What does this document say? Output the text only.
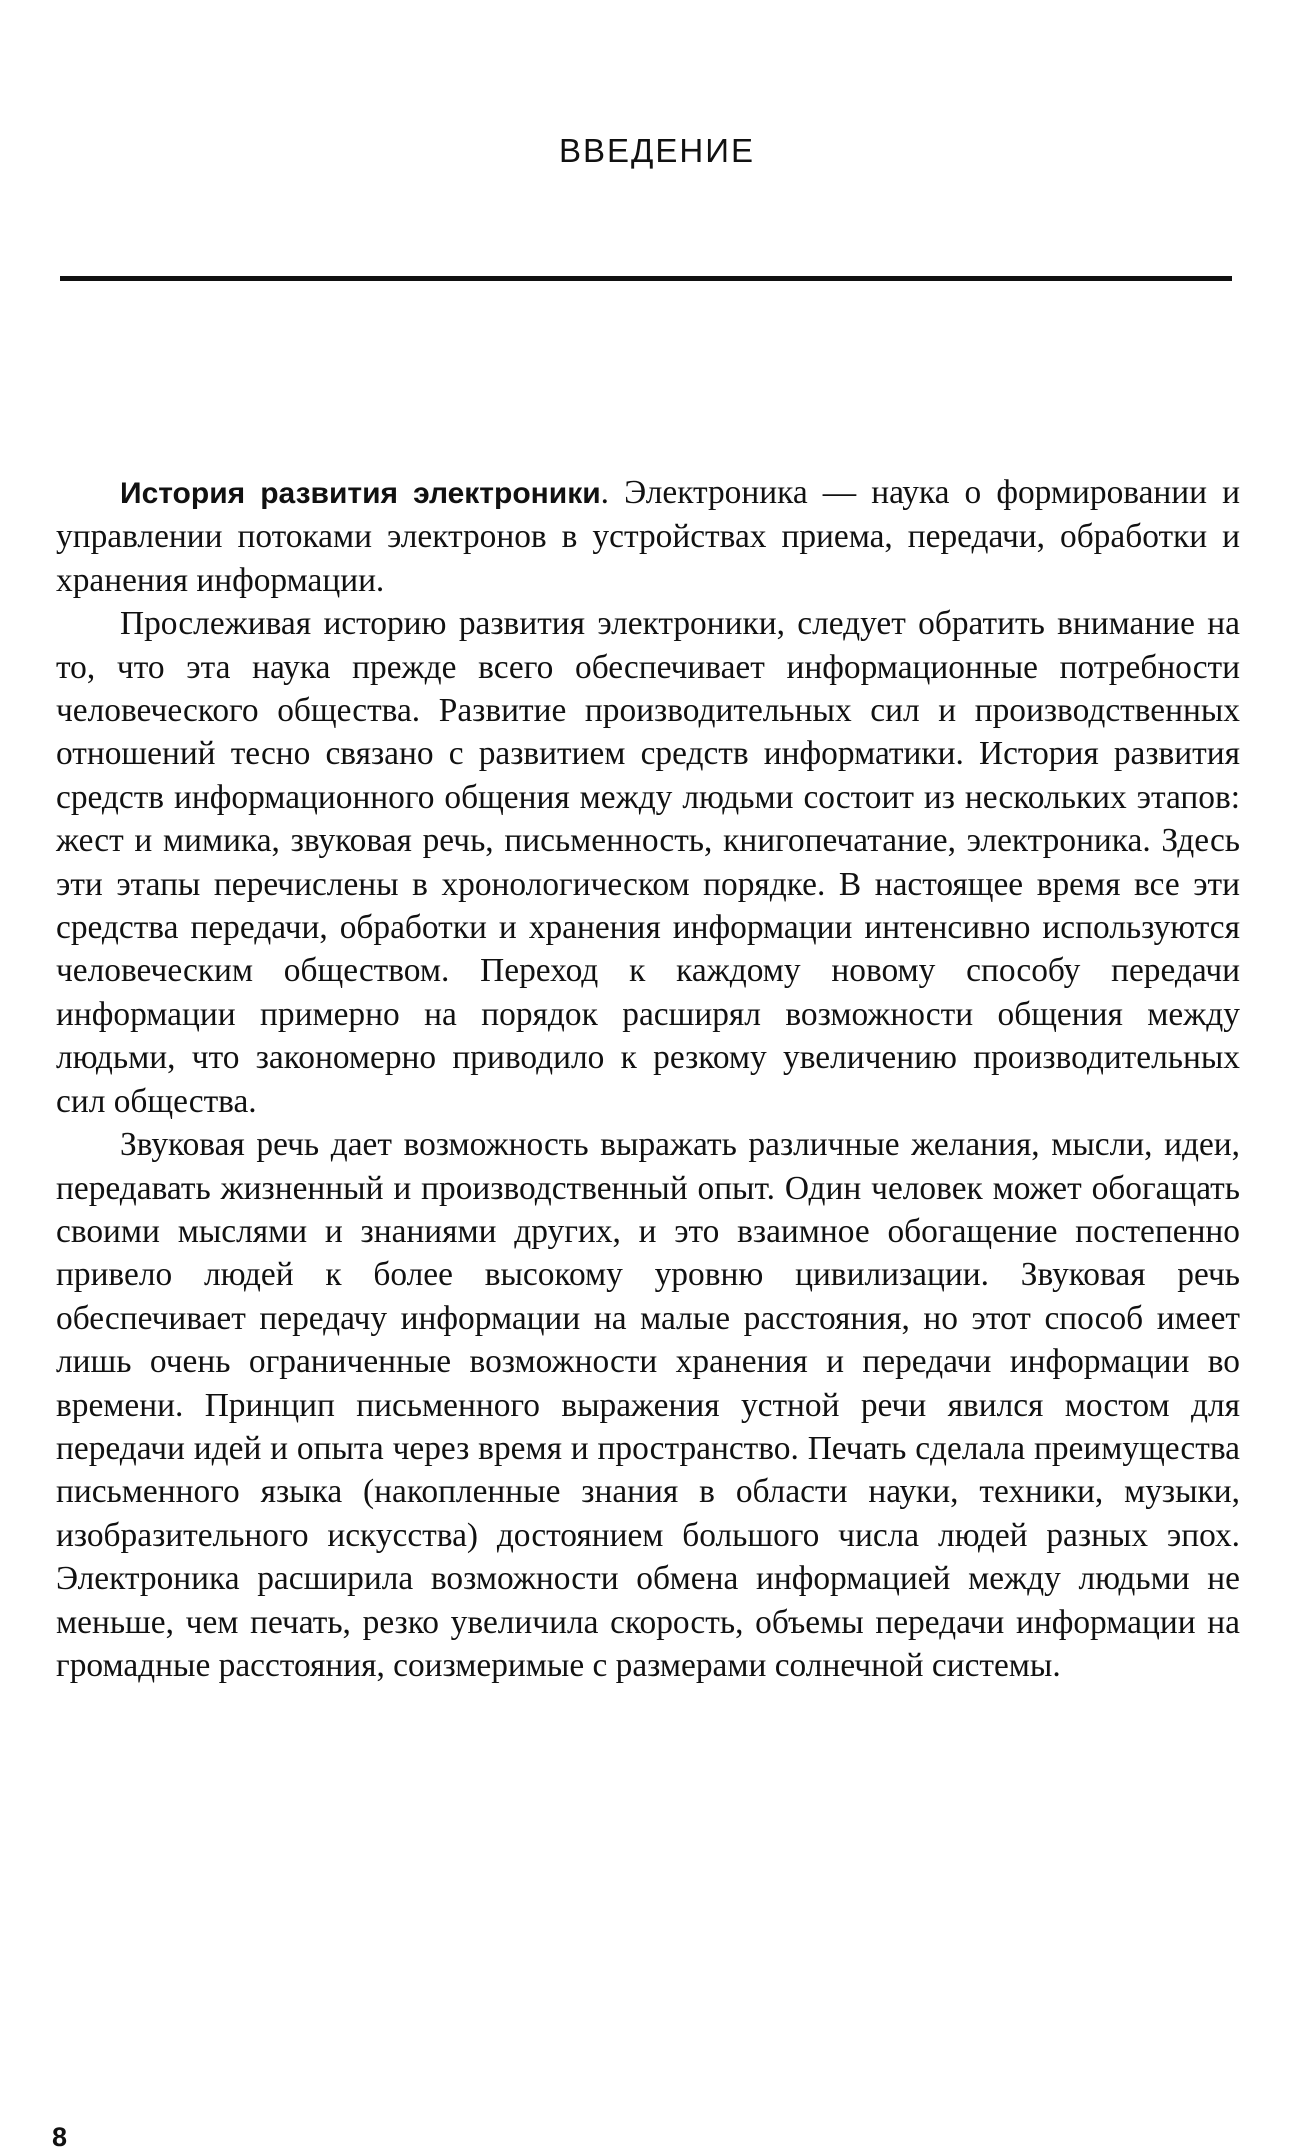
ВВЕДЕНИЕ

История развития электроники. Электроника — наука о формировании и управлении потоками электронов в устройствах приема, передачи, обработки и хранения информации.

Прослеживая историю развития электроники, следует обратить внимание на то, что эта наука прежде всего обеспечивает информационные потребности человеческого общества. Развитие производительных сил и производственных отношений тесно связано с развитием средств информатики. История развития средств информационного общения между людьми состоит из нескольких этапов: жест и мимика, звуковая речь, письменность, книгопечатание, электроника. Здесь эти этапы перечислены в хронологическом порядке. В настоящее время все эти средства передачи, обработки и хранения информации интенсивно используются человеческим обществом. Переход к каждому новому способу передачи информации примерно на порядок расширял возможности общения между людьми, что закономерно приводило к резкому увеличению производительных сил общества.

Звуковая речь дает возможность выражать различные желания, мысли, идеи, передавать жизненный и производственный опыт. Один человек может обогащать своими мыслями и знаниями других, и это взаимное обогащение постепенно привело людей к более высокому уровню цивилизации. Звуковая речь обеспечивает передачу информации на малые расстояния, но этот способ имеет лишь очень ограниченные возможности хранения и передачи информации во времени. Принцип письменного выражения устной речи явился мостом для передачи идей и опыта через время и пространство. Печать сделала преимущества письменного языка (накопленные знания в области науки, техники, музыки, изобразительного искусства) достоянием большого числа людей разных эпох. Электроника расширила возможности обмена информацией между людьми не меньше, чем печать, резко увеличила скорость, объемы передачи информации на громадные расстояния, соизмеримые с размерами солнечной системы.

8
